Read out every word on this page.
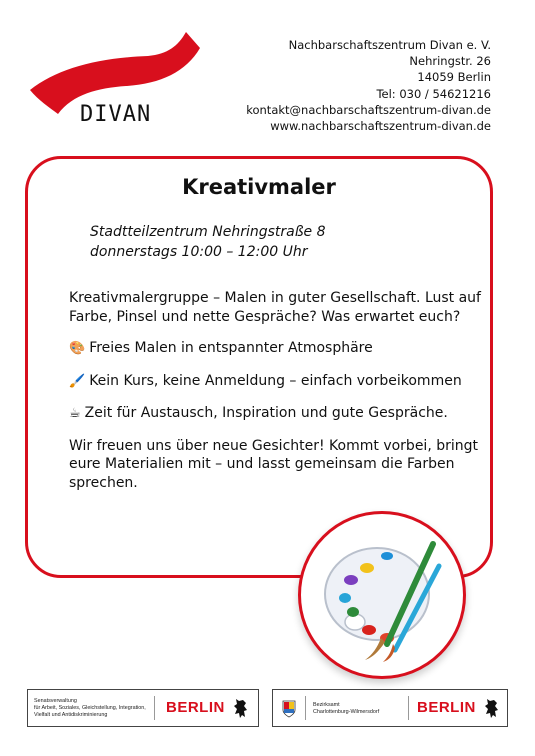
DIVAN
Nachbarschaftszentrum Divan e. V.
Nehringstr. 26
14059 Berlin
Tel: 030 / 54621216
kontakt@nachbarschaftszentrum-divan.de
www.nachbarschaftszentrum-divan.de
Kreativmaler
Stadtteilzentrum Nehringstraße 8
donnerstags 10:00 – 12:00 Uhr

Kreativmalergruppe – Malen in guter Gesellschaft. Lust auf Farbe, Pinsel und nette Gespräche? Was erwartet euch?

🎨 Freies Malen in entspannter Atmosphäre

🖌️ Kein Kurs, keine Anmeldung – einfach vorbeikommen

☕ Zeit für Austausch, Inspiration und gute Gespräche.

Wir freuen uns über neue Gesichter! Kommt vorbei, bringt eure Materialien mit – und lasst gemeinsam die Farben sprechen.

Senatsverwaltung
für Arbeit, Soziales, Gleichstellung, Integration,
Vielfalt und Antidiskriminierung	BERLIN	Bezirksamt
Charlottenburg-Wilmersdorf	BERLIN
